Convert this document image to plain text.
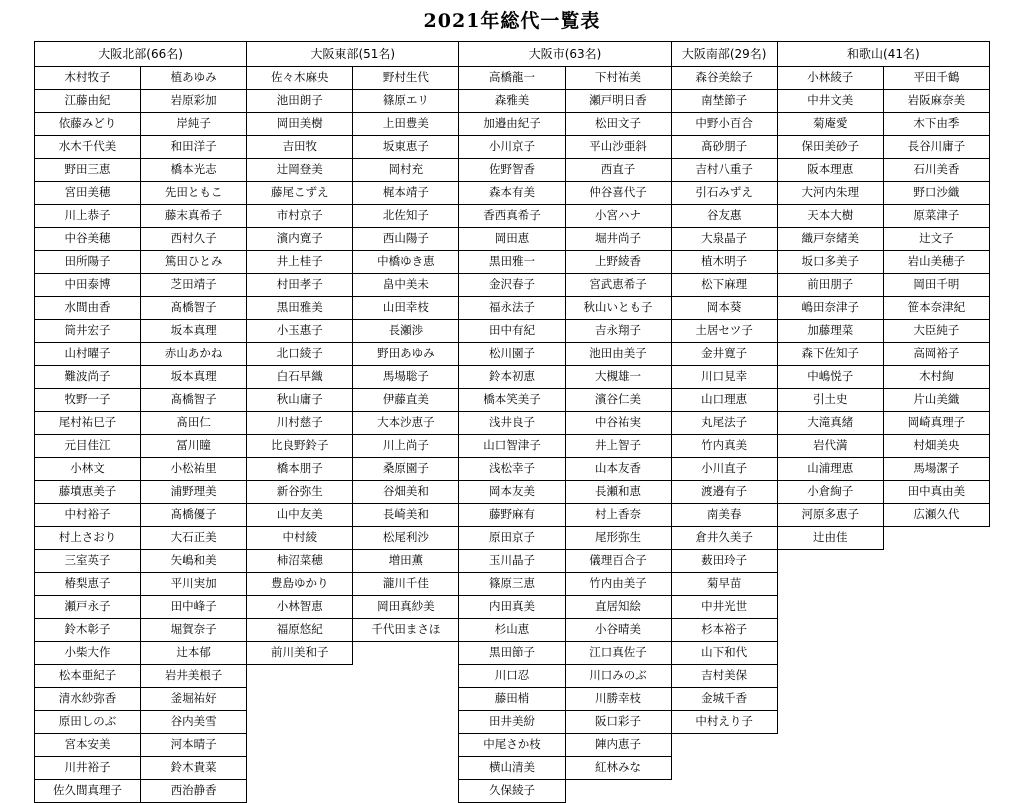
2021年総代一覧表
大阪北部(66名)		大阪東部(51名)		大阪市(63名)		大阪南部(29名)	和歌山(41名)	
木村牧子	植あゆみ	佐々木麻央	野村生代	高橋龍一	下村祐美	森谷美絵子	小林綾子	平田千鶴
江藤由紀	岩原彩加	池田朗子	篠原エリ	森雅美	瀬戸明日香	南埜節子	中井文美	岩阪麻奈美
依藤みどり	岸純子	岡田美樹	上田豊美	加邉由紀子	松田文子	中野小百合	菊庵愛	木下由季
水木千代美	和田洋子	吉田牧	坂東恵子	小川京子	平山沙亜斜	髙砂朋子	保田美砂子	長谷川庸子
野田三恵	橋本光志	辻岡登美	岡村充	佐野智香	西直子	吉村八重子	阪本理恵	石川美香
宮田美穂	先田ともこ	藤尾こずえ	梶本靖子	森本有美	仲谷喜代子	引石みずえ	大河内朱理	野口沙織
川上恭子	藤末真希子	市村京子	北佐知子	香西真希子	小宮ハナ	谷友惠	天本大樹	原菜津子
中谷美穂	西村久子	濱内寛子	西山陽子	岡田恵	堀井尚子	大泉晶子	織戸奈緒美	辻文子
田所陽子	篤田ひとみ	井上桂子	中橋ゆき恵	黒田雅一	上野綾香	植木明子	坂口多美子	岩山美穂子
中田泰博	芝田靖子	村田孝子	畠中美未	金沢春子	宮武恵希子	松下麻理	前田朋子	岡田千明
水間由香	髙橋智子	黒田雅美	山田幸枝	福永法子	秋山いとも子	岡本葵	嶋田奈津子	笹本奈津紀
筒井宏子	坂本真理	小玉惠子	長瀬渉	田中有紀	吉永翔子	土居セツ子	加藤理菜	大臣純子
山村曜子	赤山あかね	北口綾子	野田あゆみ	松川園子	池田由美子	金井寛子	森下佐知子	高岡裕子
難波尚子	坂本真理	白石早織	馬場聡子	鈴本初恵	大槻雄一	川口見幸	中嶋悦子	木村絢
牧野一子	髙橋智子	秋山庸子	伊藤直美	橋本笑美子	濱谷仁美	山口理恵	引土史	片山美織
尾村祐巳子	髙田仁	川村慈子	大本沙恵子	浅井良子	中谷祐実	丸尾法子	大滝真緒	岡崎真理子
元目佳江	冨川瞳	比良野鈴子	川上尚子	山口智津子	井上智子	竹内真美	岩代満	村畑美央
小林文	小松祐里	橋本朋子	桑原園子	浅松幸子	山本友香	小川直子	山浦理恵	馬場潔子
藤墳恵美子	浦野理美	新谷弥生	谷畑美和	岡本友美	長瀬和恵	渡邉有子	小倉絢子	田中真由美
中村裕子	髙橋優子	山中友美	長崎美和	藤野麻有	村上香奈	南美春	河原多恵子	広瀬久代
村上さおり	大石正美	中村綾	松尾利沙	原田京子	尾形弥生	倉井久美子	辻由佳	
三室英子	矢嶋和美	柿沼菜穂	増田薫	玉川晶子	儀理百合子	薮田玲子		
椿梨恵子	平川実加	豊島ゆかり	瀧川千佳	篠原三恵	竹内由美子	菊早苗		
瀬戸永子	田中峰子	小林智恵	岡田真紗美	内田真美	直居知絵	中井光世		
鈴木彰子	堀賀奈子	福原悠紀	千代田まさほ	杉山恵	小谷晴美	杉本裕子		
小柴大作	辻本郁	前川美和子		黒田節子	江口真佐子	山下和代		
松本亜紀子	岩井美根子			川口忍	川口みのぶ	吉村美保		
清水紗弥香	釜堀祐好			藤田梢	川勝幸枝	金城千香		
原田しのぶ	谷内美雪			田井美紛	阪口彩子	中村えり子		
宮本安美	河本晴子			中尾さか枝	陣内恵子			
川井裕子	鈴木貴菜			横山清美	紅林みな			
佐久間真理子	西治静香			久保綾子				
